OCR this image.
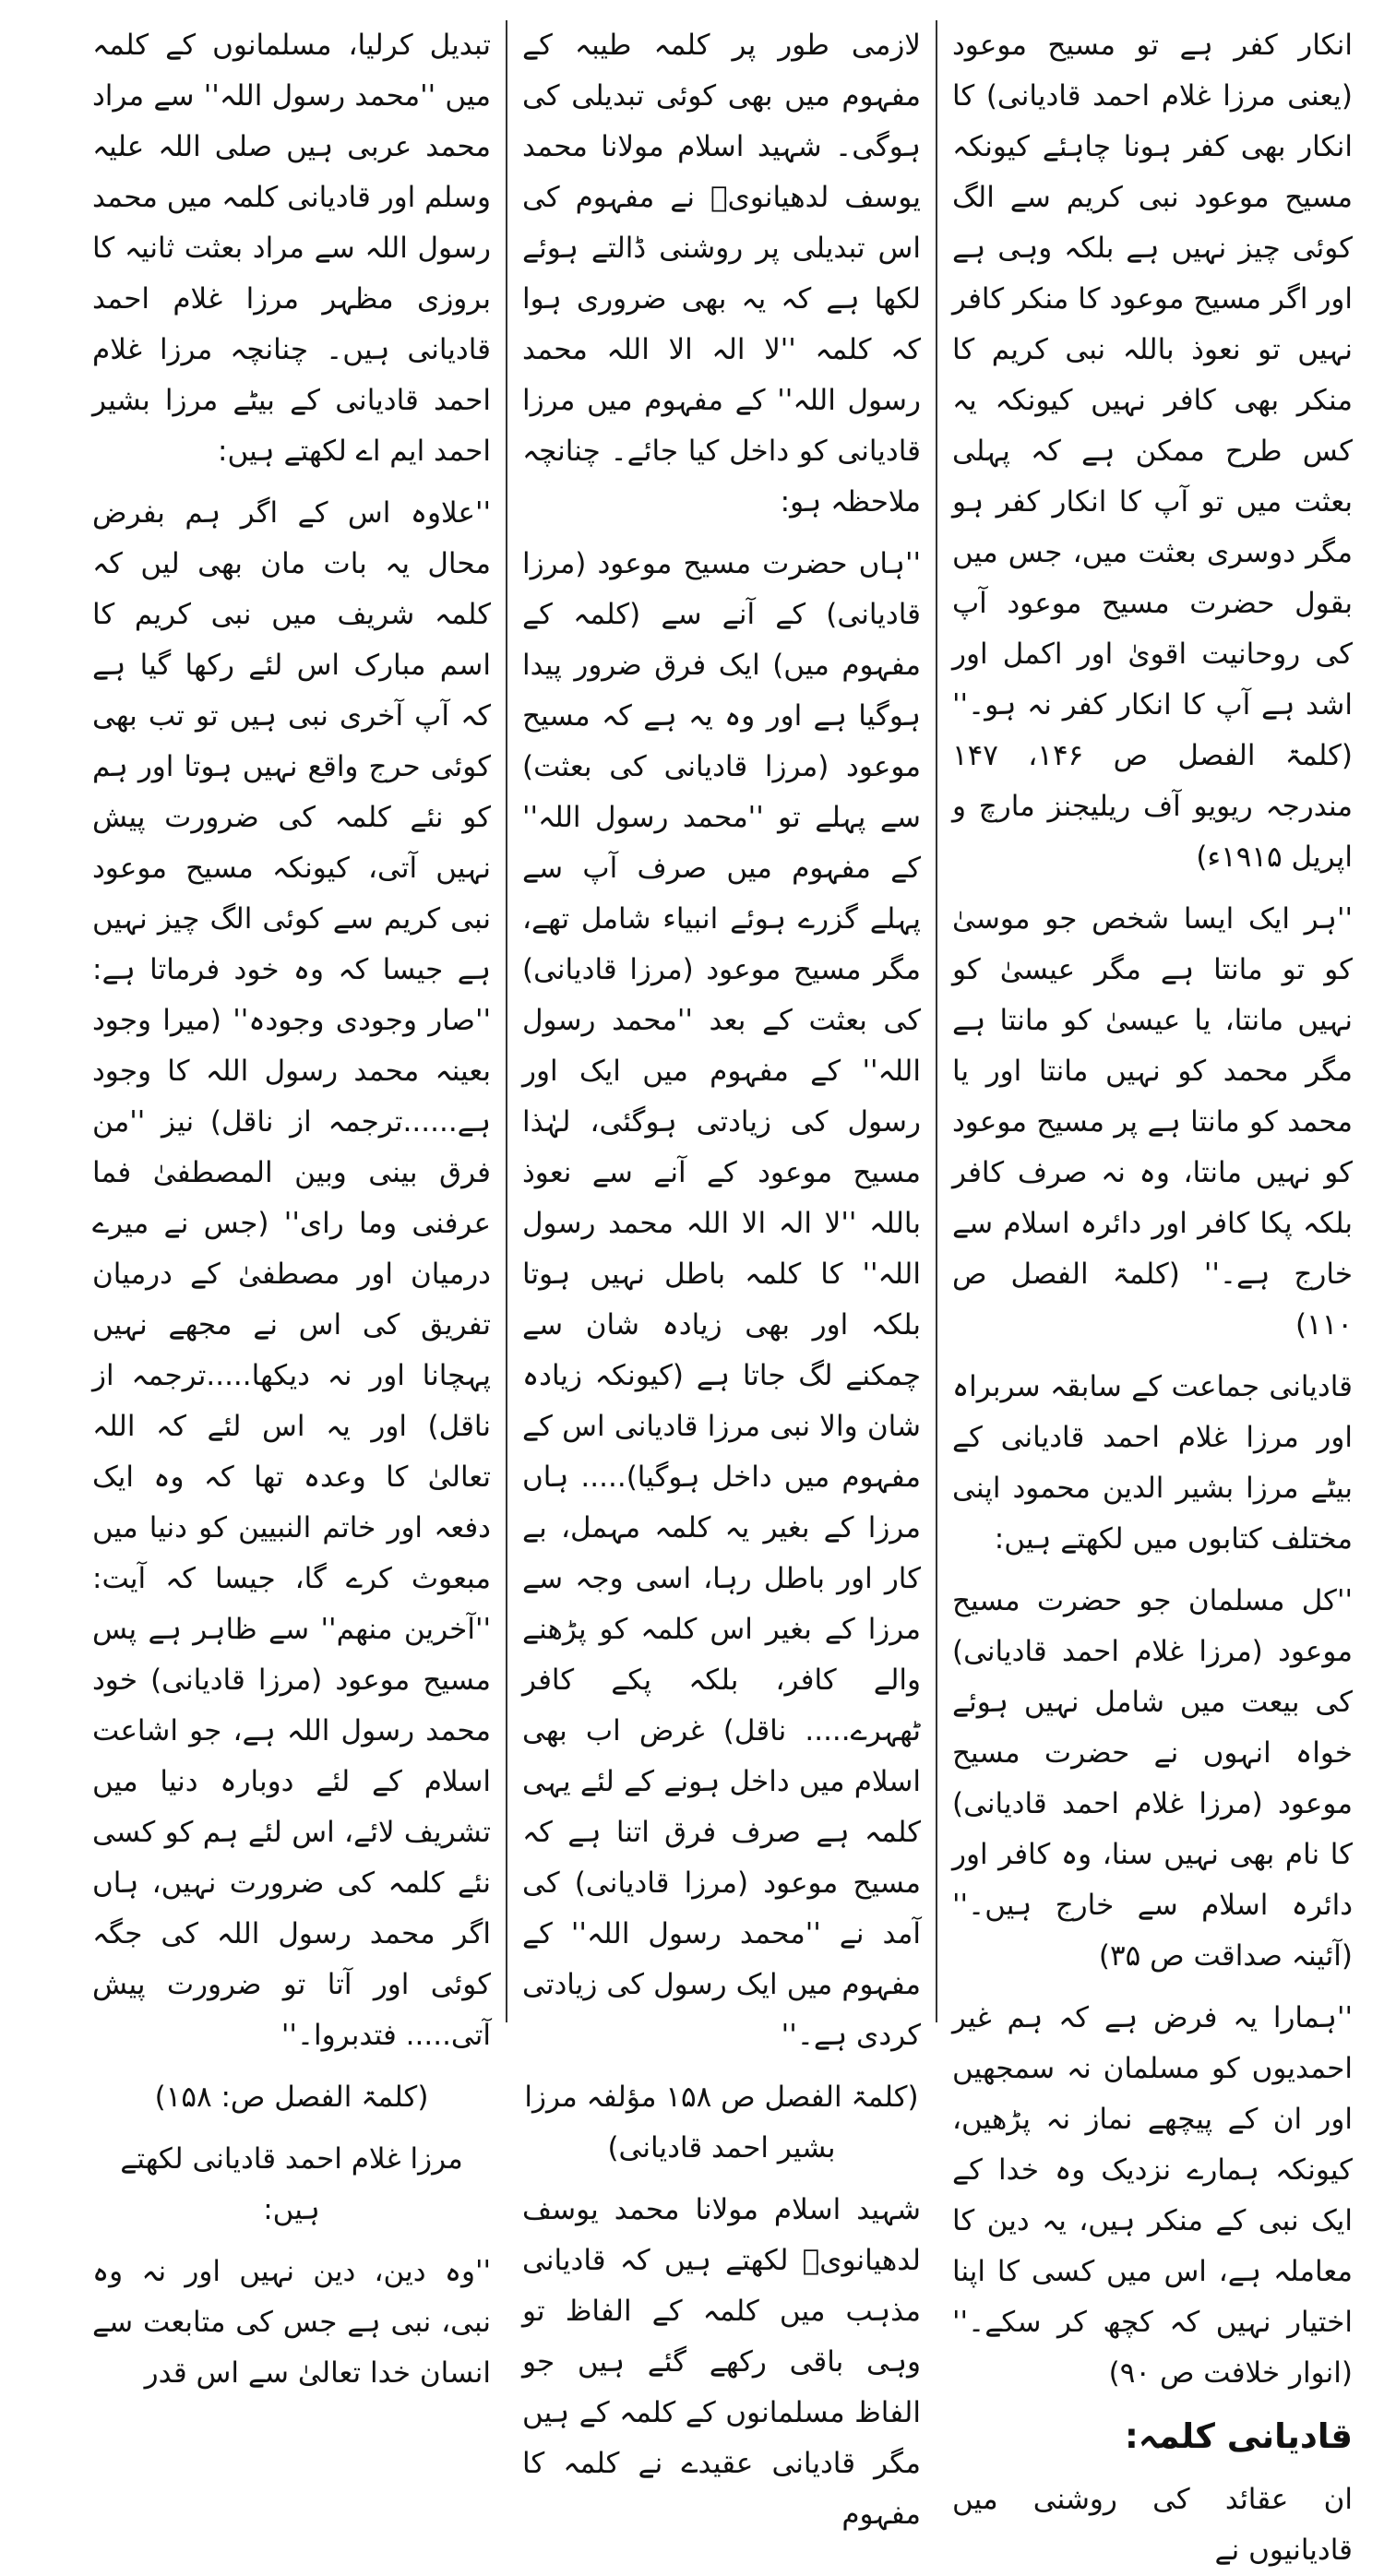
انکار کفر ہے تو مسیح موعود (یعنی مرزا غلام احمد قادیانی) کا انکار بھی کفر ہونا چاہئے کیونکہ مسیح موعود نبی کریم سے الگ کوئی چیز نہیں ہے بلکہ وہی ہے اور اگر مسیح موعود کا منکر کافر نہیں تو نعوذ باللہ نبی کریم کا منکر بھی کافر نہیں کیونکہ یہ کس طرح ممکن ہے کہ پہلی بعثت میں تو آپ کا انکار کفر ہو مگر دوسری بعثت میں، جس میں بقول حضرت مسیح موعود آپ کی روحانیت اقویٰ اور اکمل اور اشد ہے آپ کا انکار کفر نہ ہو۔'' (کلمۃ الفصل ص ۱۴۶، ۱۴۷ مندرجہ ریویو آف ریلیجنز مارچ و اپریل ۱۹۱۵ء)

''ہر ایک ایسا شخص جو موسیٰ کو تو مانتا ہے مگر عیسیٰ کو نہیں مانتا، یا عیسیٰ کو مانتا ہے مگر محمد کو نہیں مانتا اور یا محمد کو مانتا ہے پر مسیح موعود کو نہیں مانتا، وہ نہ صرف کافر بلکہ پکا کافر اور دائرہ اسلام سے خارج ہے۔'' (کلمۃ الفصل ص ۱۱۰)

قادیانی جماعت کے سابقہ سربراہ اور مرزا غلام احمد قادیانی کے بیٹے مرزا بشیر الدین محمود اپنی مختلف کتابوں میں لکھتے ہیں:

''کل مسلمان جو حضرت مسیح موعود (مرزا غلام احمد قادیانی) کی بیعت میں شامل نہیں ہوئے خواہ انہوں نے حضرت مسیح موعود (مرزا غلام احمد قادیانی) کا نام بھی نہیں سنا، وہ کافر اور دائرہ اسلام سے خارج ہیں۔'' (آئینہ صداقت ص ۳۵)

''ہمارا یہ فرض ہے کہ ہم غیر احمدیوں کو مسلمان نہ سمجھیں اور ان کے پیچھے نماز نہ پڑھیں، کیونکہ ہمارے نزدیک وہ خدا کے ایک نبی کے منکر ہیں، یہ دین کا معاملہ ہے، اس میں کسی کا اپنا اختیار نہیں کہ کچھ کر سکے۔'' (انوار خلافت ص ۹۰)

قادیانی کلمہ:

ان عقائد کی روشنی میں قادیانیوں نے

لازمی طور پر کلمہ طیبہ کے مفہوم میں بھی کوئی تبدیلی کی ہوگی۔ شہید اسلام مولانا محمد یوسف لدھیانویؒ نے مفہوم کی اس تبدیلی پر روشنی ڈالتے ہوئے لکھا ہے کہ یہ بھی ضروری ہوا کہ کلمہ ''لا الہ الا اللہ محمد رسول اللہ'' کے مفہوم میں مرزا قادیانی کو داخل کیا جائے۔ چنانچہ ملاحظہ ہو:

''ہاں حضرت مسیح موعود (مرزا قادیانی) کے آنے سے (کلمہ کے مفہوم میں) ایک فرق ضرور پیدا ہوگیا ہے اور وہ یہ ہے کہ مسیح موعود (مرزا قادیانی کی بعثت) سے پہلے تو ''محمد رسول اللہ'' کے مفہوم میں صرف آپ سے پہلے گزرے ہوئے انبیاء شامل تھے، مگر مسیح موعود (مرزا قادیانی) کی بعثت کے بعد ''محمد رسول اللہ'' کے مفہوم میں ایک اور رسول کی زیادتی ہوگئی، لہٰذا مسیح موعود کے آنے سے نعوذ باللہ ''لا الہ الا اللہ محمد رسول اللہ'' کا کلمہ باطل نہیں ہوتا بلکہ اور بھی زیادہ شان سے چمکنے لگ جاتا ہے (کیونکہ زیادہ شان والا نبی مرزا قادیانی اس کے مفہوم میں داخل ہوگیا)..... ہاں مرزا کے بغیر یہ کلمہ مہمل، بے کار اور باطل رہا، اسی وجہ سے مرزا کے بغیر اس کلمہ کو پڑھنے والے کافر، بلکہ پکے کافر ٹھہرے..... ناقل) غرض اب بھی اسلام میں داخل ہونے کے لئے یہی کلمہ ہے صرف فرق اتنا ہے کہ مسیح موعود (مرزا قادیانی) کی آمد نے ''محمد رسول اللہ'' کے مفہوم میں ایک رسول کی زیادتی کردی ہے۔''

(کلمۃ الفصل ص ۱۵۸ مؤلفہ مرزا بشیر احمد قادیانی)

شہید اسلام مولانا محمد یوسف لدھیانویؒ لکھتے ہیں کہ قادیانی مذہب میں کلمہ کے الفاظ تو وہی باقی رکھے گئے ہیں جو الفاظ مسلمانوں کے کلمہ کے ہیں مگر قادیانی عقیدے نے کلمہ کا مفہوم

تبدیل کرلیا، مسلمانوں کے کلمہ میں ''محمد رسول اللہ'' سے مراد محمد عربی ہیں صلی اللہ علیہ وسلم اور قادیانی کلمہ میں محمد رسول اللہ سے مراد بعثت ثانیہ کا بروزی مظہر مرزا غلام احمد قادیانی ہیں۔ چنانچہ مرزا غلام احمد قادیانی کے بیٹے مرزا بشیر احمد ایم اے لکھتے ہیں:

''علاوہ اس کے اگر ہم بفرض محال یہ بات مان بھی لیں کہ کلمہ شریف میں نبی کریم کا اسم مبارک اس لئے رکھا گیا ہے کہ آپ آخری نبی ہیں تو تب بھی کوئی حرج واقع نہیں ہوتا اور ہم کو نئے کلمہ کی ضرورت پیش نہیں آتی، کیونکہ مسیح موعود نبی کریم سے کوئی الگ چیز نہیں ہے جیسا کہ وہ خود فرماتا ہے: ''صار وجودی وجودہ'' (میرا وجود بعینہ محمد رسول اللہ کا وجود ہے......ترجمہ از ناقل) نیز ''من فرق بینی وبین المصطفیٰ فما عرفنی وما رای'' (جس نے میرے درمیان اور مصطفیٰ کے درمیان تفریق کی اس نے مجھے نہیں پہچانا اور نہ دیکھا.....ترجمہ از ناقل) اور یہ اس لئے کہ اللہ تعالیٰ کا وعدہ تھا کہ وہ ایک دفعہ اور خاتم النبیین کو دنیا میں مبعوث کرے گا، جیسا کہ آیت: ''آخرین منھم'' سے ظاہر ہے پس مسیح موعود (مرزا قادیانی) خود محمد رسول اللہ ہے، جو اشاعت اسلام کے لئے دوبارہ دنیا میں تشریف لائے، اس لئے ہم کو کسی نئے کلمہ کی ضرورت نہیں، ہاں اگر محمد رسول اللہ کی جگہ کوئی اور آتا تو ضرورت پیش آتی..... فتدبروا۔''

(کلمۃ الفصل ص: ۱۵۸)

مرزا غلام احمد قادیانی لکھتے ہیں:

''وہ دین، دین نہیں اور نہ وہ نبی، نبی ہے جس کی متابعت سے انسان خدا تعالیٰ سے اس قدر
